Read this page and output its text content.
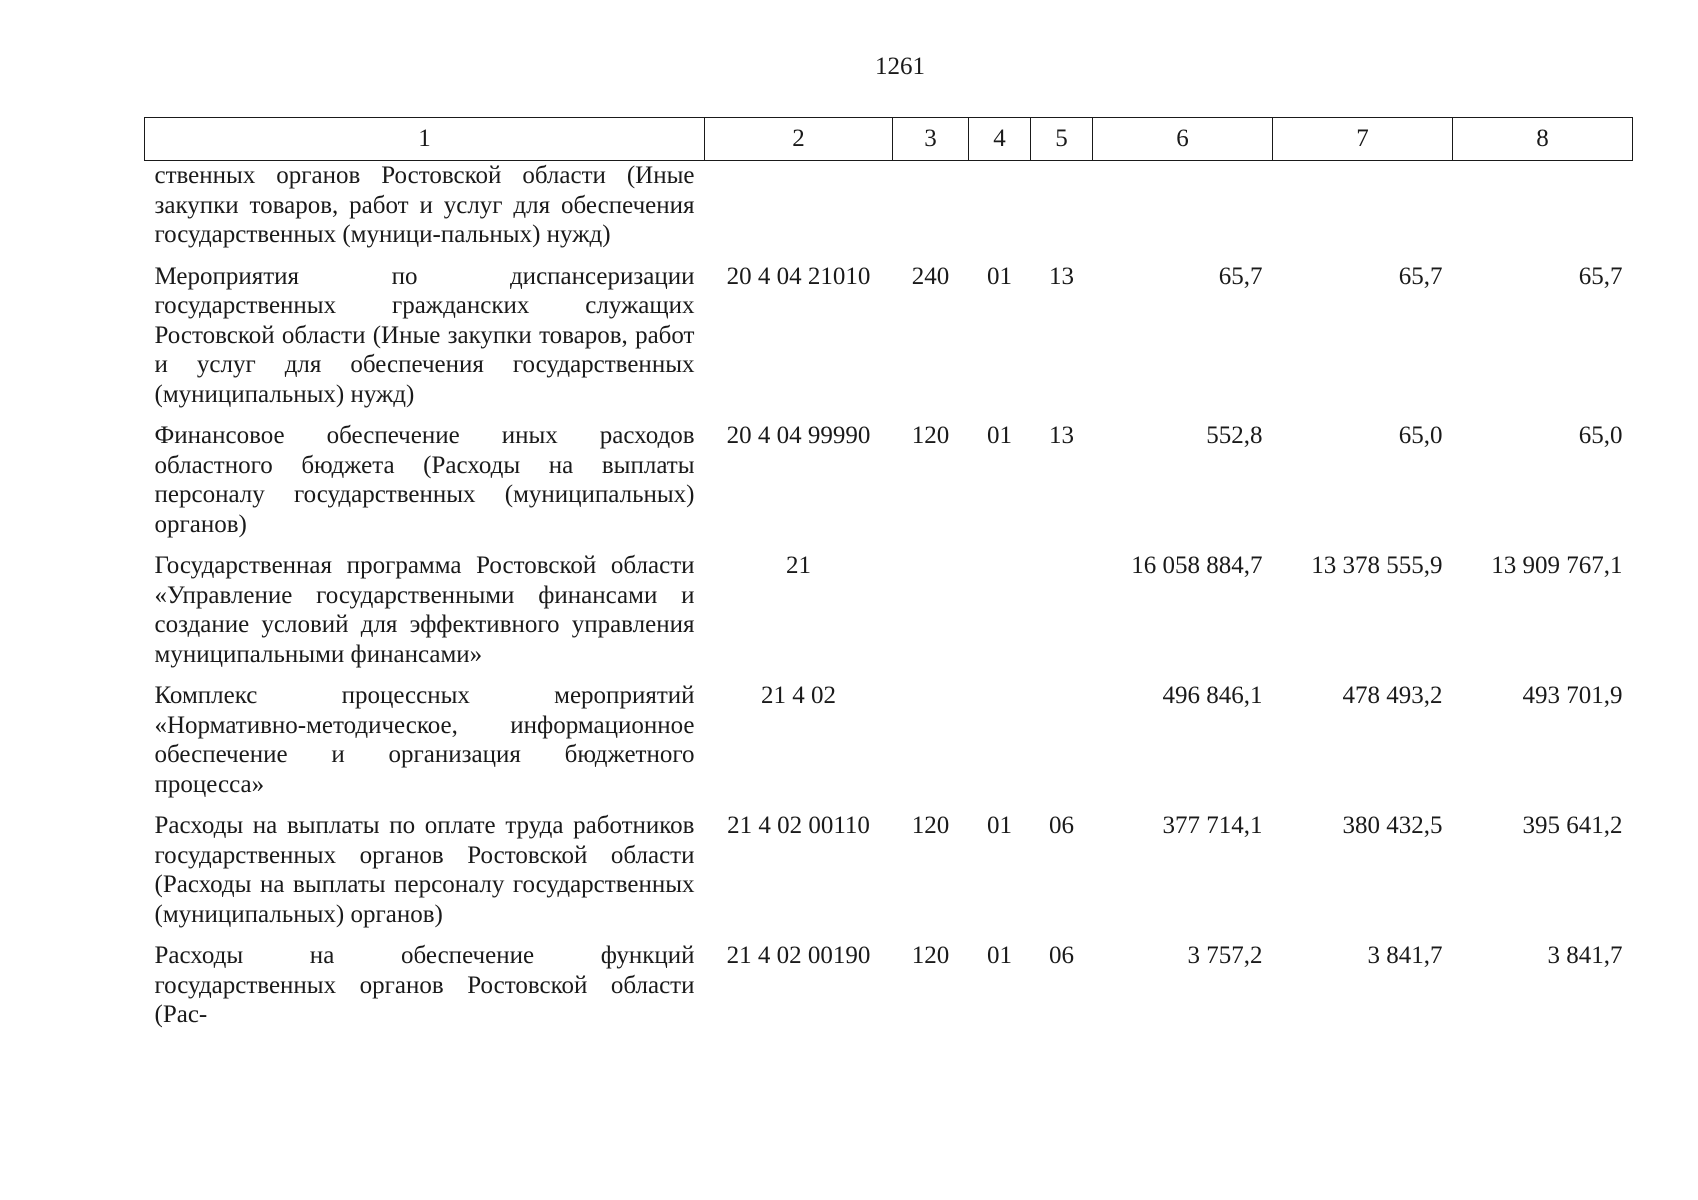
1261
1	2	3	4	5	6	7	8
ственных органов Ростовской области (Иные закупки товаров, работ и услуг для обеспечения государственных (муници-пальных) нужд)							
Мероприятия по диспансеризации государственных гражданских служащих Ростовской области (Иные закупки товаров, работ и услуг для обеспечения государственных (муниципальных) нужд)	20 4 04 21010	240	01	13	65,7	65,7	65,7
Финансовое обеспечение иных расходов областного бюджета (Расходы на выплаты персоналу государственных (муниципальных) органов)	20 4 04 99990	120	01	13	552,8	65,0	65,0
Государственная программа Ростовской области «Управление государственными финансами и создание условий для эффективного управления муниципальными финансами»	21				16 058 884,7	13 378 555,9	13 909 767,1
Комплекс процессных мероприятий «Нормативно-методическое, информационное обеспечение и организация бюджетного процесса»	21 4 02				496 846,1	478 493,2	493 701,9
Расходы на выплаты по оплате труда работников государственных органов Ростовской области (Расходы на выплаты персоналу государственных (муниципальных) органов)	21 4 02 00110	120	01	06	377 714,1	380 432,5	395 641,2
Расходы на обеспечение функций государственных органов Ростовской области (Рас-	21 4 02 00190	120	01	06	3 757,2	3 841,7	3 841,7
